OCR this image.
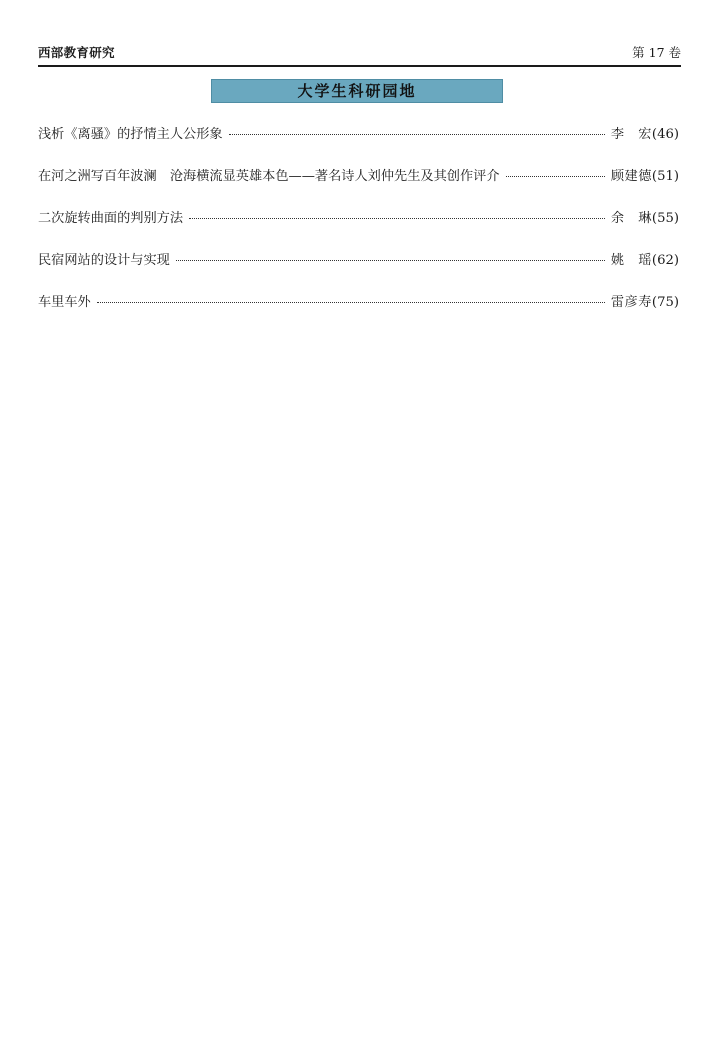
西部教育研究	第 17 卷
大学生科研园地
浅析《离骚》的抒情主人公形象	李　宏 (46)
在河之洲写百年波澜　沧海横流显英雄本色——著名诗人刘仲先生及其创作评介	顾建德 (51)
二次旋转曲面的判别方法	余　琳 (55)
民宿网站的设计与实现	姚　瑶 (62)
车里车外	雷彦寿 (75)
